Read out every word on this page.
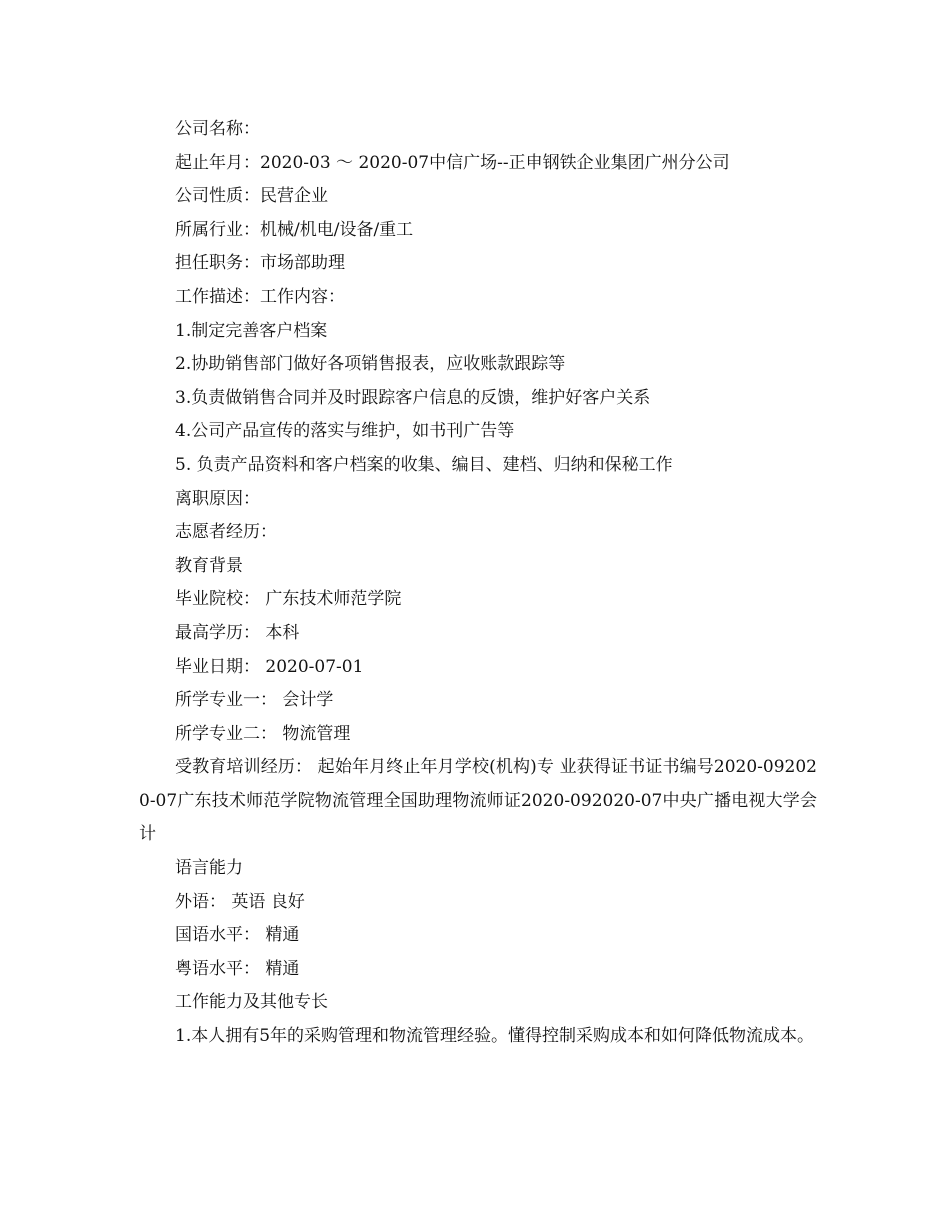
公司名称：
起止年月：2020-03 ～ 2020-07中信广场--正申钢铁企业集团广州分公司
公司性质：民营企业
所属行业：机械/机电/设备/重工
担任职务：市场部助理
工作描述：工作内容：
1.制定完善客户档案
2.协助销售部门做好各项销售报表，应收账款跟踪等
3.负责做销售合同并及时跟踪客户信息的反馈，维护好客户关系
4.公司产品宣传的落实与维护，如书刊广告等
5. 负责产品资料和客户档案的收集、编目、建档、归纳和保秘工作
离职原因：
志愿者经历：
教育背景
毕业院校： 广东技术师范学院
最高学历： 本科
毕业日期： 2020-07-01
所学专业一： 会计学
所学专业二： 物流管理
受教育培训经历： 起始年月终止年月学校(机构)专 业获得证书证书编号2020-092020-07广东技术师范学院物流管理全国助理物流师证2020-092020-07中央广播电视大学会计
语言能力
外语： 英语 良好
国语水平： 精通
粤语水平： 精通
工作能力及其他专长
1.本人拥有5年的采购管理和物流管理经验。懂得控制采购成本和如何降低物流成本。
